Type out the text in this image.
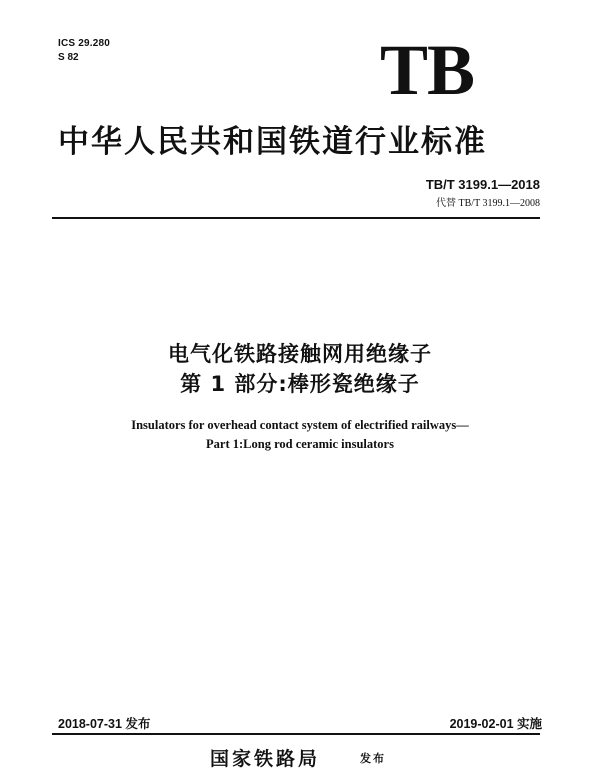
ICS 29.280
S 82	TB
中华人民共和国铁道行业标准
TB/T 3199.1—2018
代替 TB/T 3199.1—2008
电气化铁路接触网用绝缘子
第 1 部分:棒形瓷绝缘子
Insulators for overhead contact system of electrified railways—
Part 1:Long rod ceramic insulators
2018-07-31 发布	2019-02-01 实施
国家铁路局	发布
